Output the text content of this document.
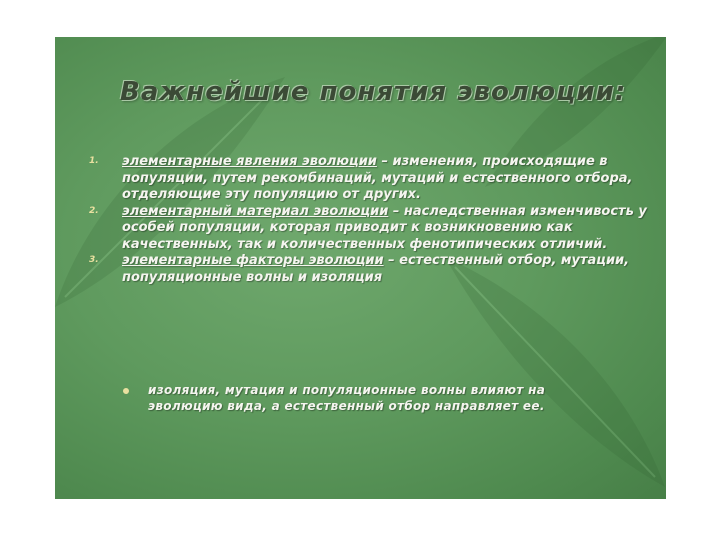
Важнейшие понятия эволюции:
1. элементарные явления эволюции – изменения, происходящие в популяции, путем рекомбинаций, мутаций и естественного отбора, отделяющие эту популяцию от других.
2. элементарный материал эволюции – наследственная изменчивость у особей популяции, которая приводит к возникновению как качественных, так и количественных фенотипических отличий.
3. элементарные факторы эволюции – естественный отбор, мутации, популяционные волны и изоляция
изоляция, мутация и популяционные волны влияют на эволюцию вида, а естественный отбор направляет ее.
